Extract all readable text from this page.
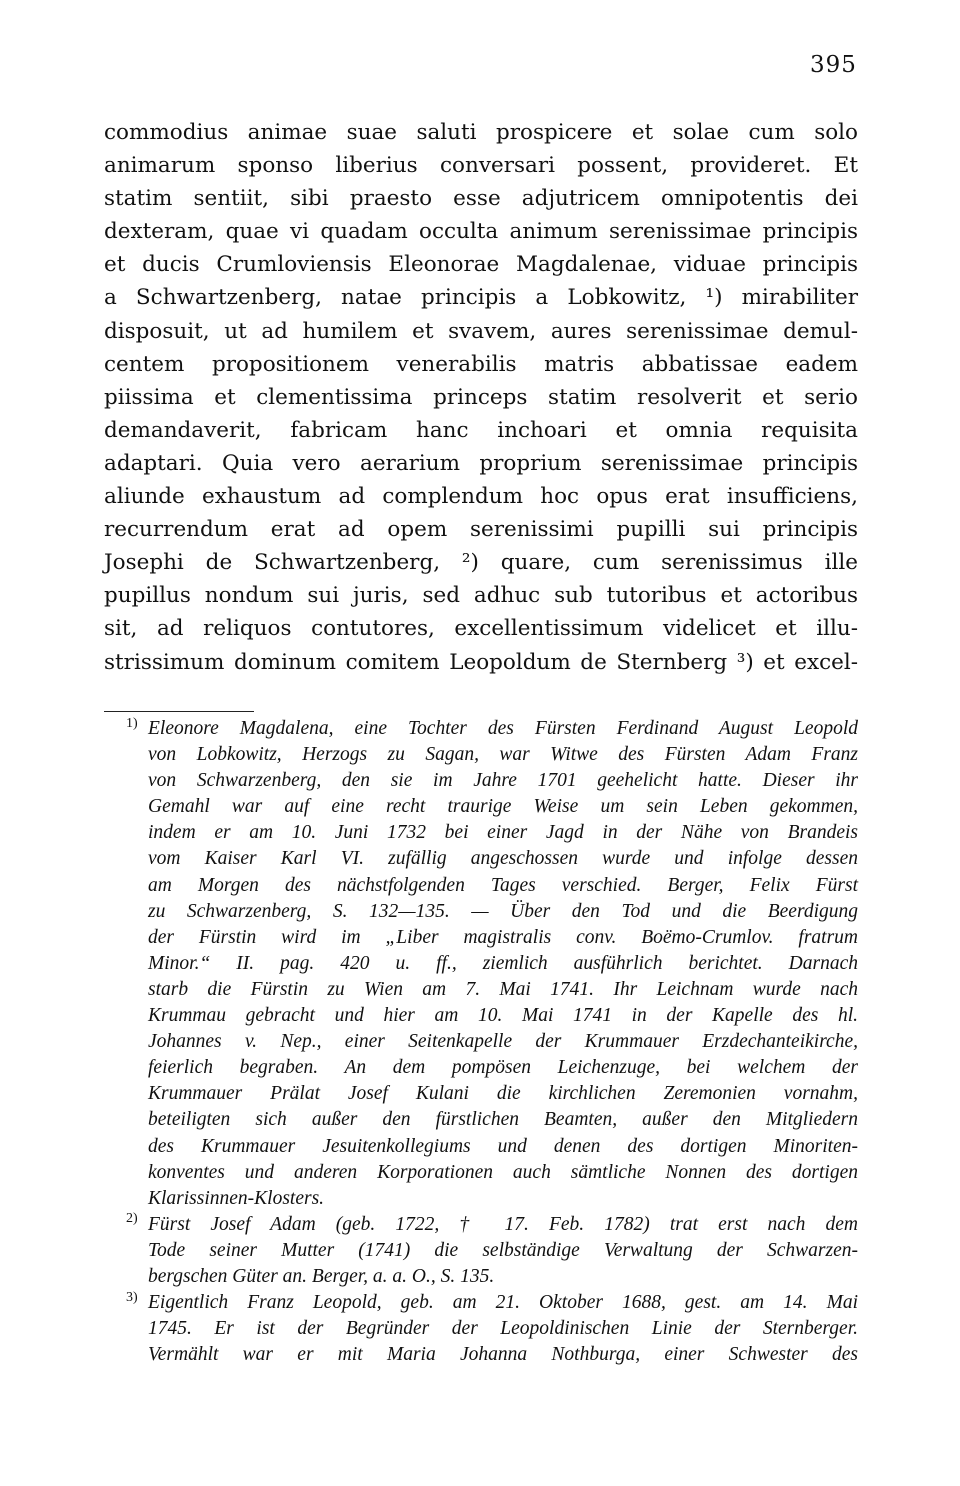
395
commodius animae suae saluti prospicere et solae cum solo
animarum sponso liberius conversari possent, provideret. Et
statim sentiit, sibi praesto esse adjutricem omnipotentis dei
dexteram, quae vi quadam occulta animum serenissimae principis
et ducis Crumloviensis Eleonorae Magdalenae, viduae principis
a Schwartzenberg, natae principis a Lobkowitz, ¹) mirabiliter
disposuit, ut ad humilem et svavem, aures serenissimae demul-
centem propositionem venerabilis matris abbatissae eadem
piissima et clementissima princeps statim resolverit et serio
demandaverit, fabricam hanc inchoari et omnia requisita
adaptari. Quia vero aerarium proprium serenissimae principis
aliunde exhaustum ad complendum hoc opus erat insufficiens,
recurrendum erat ad opem serenissimi pupilli sui principis
Josephi de Schwartzenberg, ²) quare, cum serenissimus ille
pupillus nondum sui juris, sed adhuc sub tutoribus et actoribus
sit, ad reliquos contutores, excellentissimum videlicet et illu-
strissimum dominum comitem Leopoldum de Sternberg ³) et excel-
1) Eleonore Magdalena, eine Tochter des Fürsten Ferdinand August Leopold
von Lobkowitz, Herzogs zu Sagan, war Witwe des Fürsten Adam Franz
von Schwarzenberg, den sie im Jahre 1701 geehelicht hatte. Dieser ihr
Gemahl war auf eine recht traurige Weise um sein Leben gekommen,
indem er am 10. Juni 1732 bei einer Jagd in der Nähe von Brandeis
vom Kaiser Karl VI. zufällig angeschossen wurde und infolge dessen
am Morgen des nächstfolgenden Tages verschied. Berger, Felix Fürst
zu Schwarzenberg, S. 132—135. — Über den Tod und die Beerdigung
der Fürstin wird im „Liber magistralis conv. Boëmo-Crumlov. fratrum
Minor.“ II. pag. 420 u. ff., ziemlich ausführlich berichtet. Darnach
starb die Fürstin zu Wien am 7. Mai 1741. Ihr Leichnam wurde nach
Krummau gebracht und hier am 10. Mai 1741 in der Kapelle des hl.
Johannes v. Nep., einer Seitenkapelle der Krummauer Erzdechanteikirche,
feierlich begraben. An dem pompösen Leichenzuge, bei welchem der
Krummauer Prälat Josef Kulani die kirchlichen Zeremonien vornahm,
beteiligten sich außer den fürstlichen Beamten, außer den Mitgliedern
des Krummauer Jesuitenkollegiums und denen des dortigen Minoriten-
konventes und anderen Korporationen auch sämtliche Nonnen des dortigen
Klarissinnen-Klosters.
2) Fürst Josef Adam (geb. 1722, † 17. Feb. 1782) trat erst nach dem
Tode seiner Mutter (1741) die selbständige Verwaltung der Schwarzen-
bergschen Güter an. Berger, a. a. O., S. 135.
3) Eigentlich Franz Leopold, geb. am 21. Oktober 1688, gest. am 14. Mai
1745. Er ist der Begründer der Leopoldinischen Linie der Sternberger.
Vermählt war er mit Maria Johanna Nothburga, einer Schwester des
